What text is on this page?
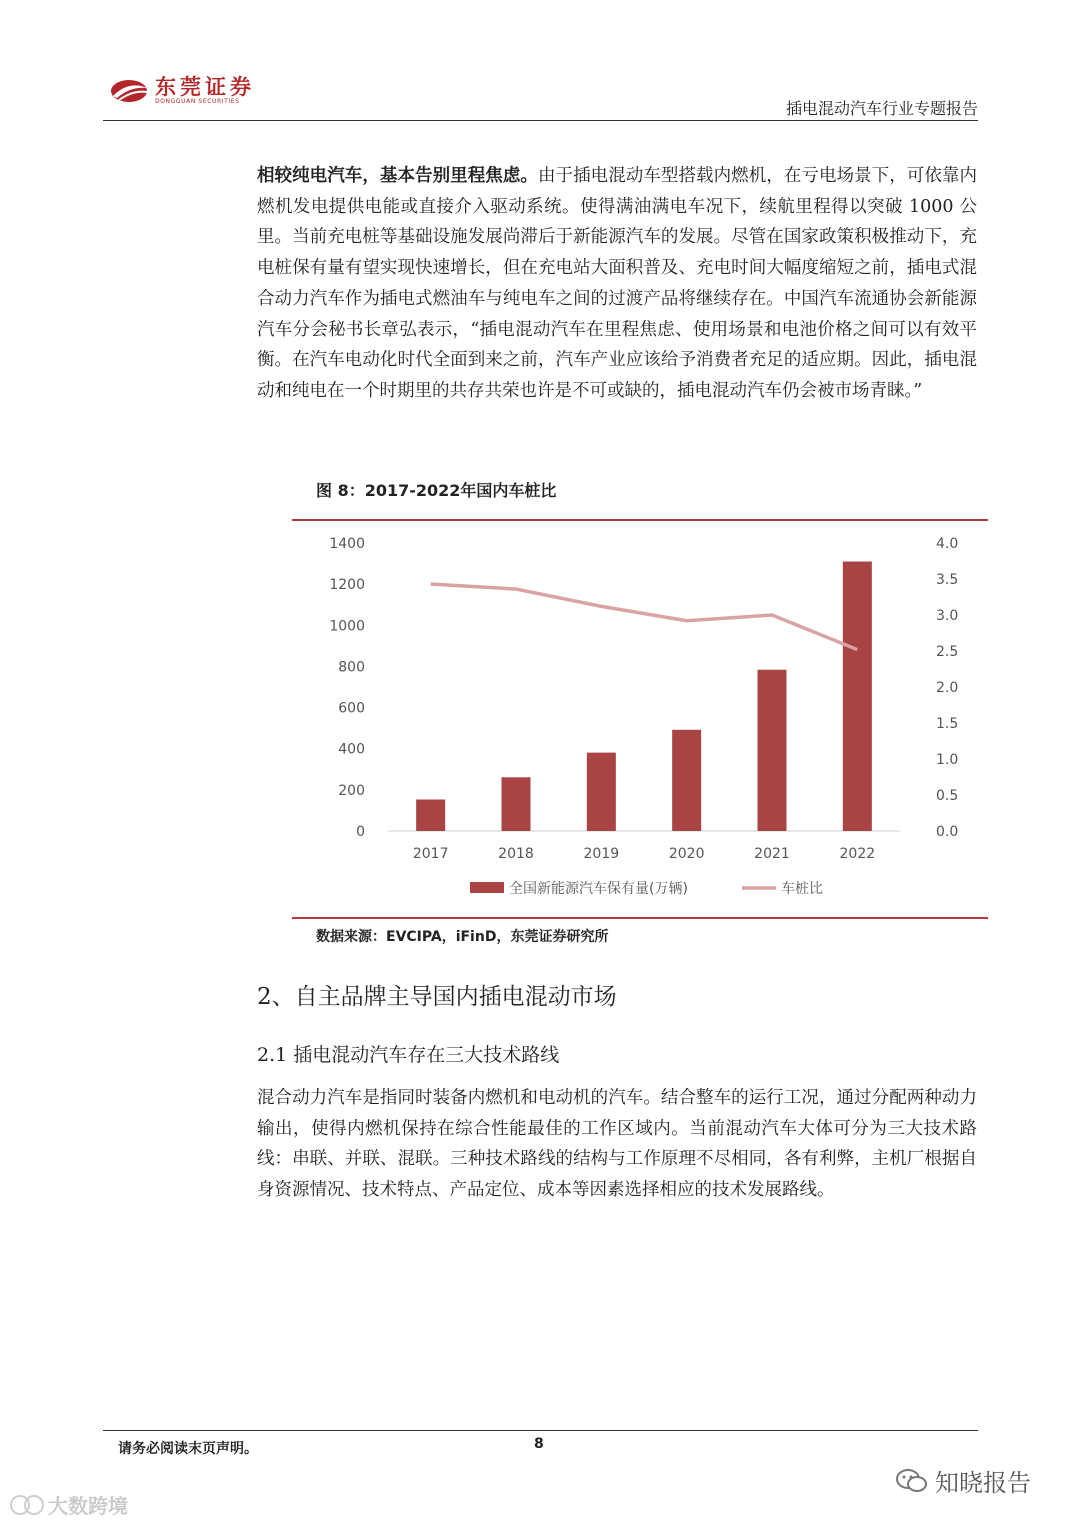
东莞证券
DONGGUAN SECURITIES	插电混动汽车行业专题报告
相较纯电汽车，基本告别里程焦虑。由于插电混动车型搭载内燃机，在亏电场景下，可依靠内燃机发电提供电能或直接介入驱动系统。使得满油满电车况下，续航里程得以突破 1000 公里。当前充电桩等基础设施发展尚滞后于新能源汽车的发展。尽管在国家政策积极推动下，充电桩保有量有望实现快速增长，但在充电站大面积普及、充电时间大幅度缩短之前，插电式混合动力汽车作为插电式燃油车与纯电车之间的过渡产品将继续存在。中国汽车流通协会新能源汽车分会秘书长章弘表示，“插电混动汽车在里程焦虑、使用场景和电池价格之间可以有效平衡。在汽车电动化时代全面到来之前，汽车产业应该给予消费者充足的适应期。因此，插电混动和纯电在一个时期里的共存共荣也许是不可或缺的，插电混动汽车仍会被市场青睐。”
图 8：2017-2022年国内车桩比
0
200
400
600
800
1000
1200
1400
0.0
0.5
1.0
1.5
2.0
2.5
3.0
3.5
4.0
2017	2018	2019	2020	2021	2022
全国新能源汽车保有量(万辆)	车桩比
数据来源：EVCIPA，iFinD，东莞证券研究所
2、自主品牌主导国内插电混动市场
2.1 插电混动汽车存在三大技术路线
混合动力汽车是指同时装备内燃机和电动机的汽车。结合整车的运行工况，通过分配两种动力输出，使得内燃机保持在综合性能最佳的工作区域内。当前混动汽车大体可分为三大技术路线：串联、并联、混联。三种技术路线的结构与工作原理不尽相同，各有利弊，主机厂根据自身资源情况、技术特点、产品定位、成本等因素选择相应的技术发展路线。
请务必阅读末页声明。	8
大数跨境
知晓报告
